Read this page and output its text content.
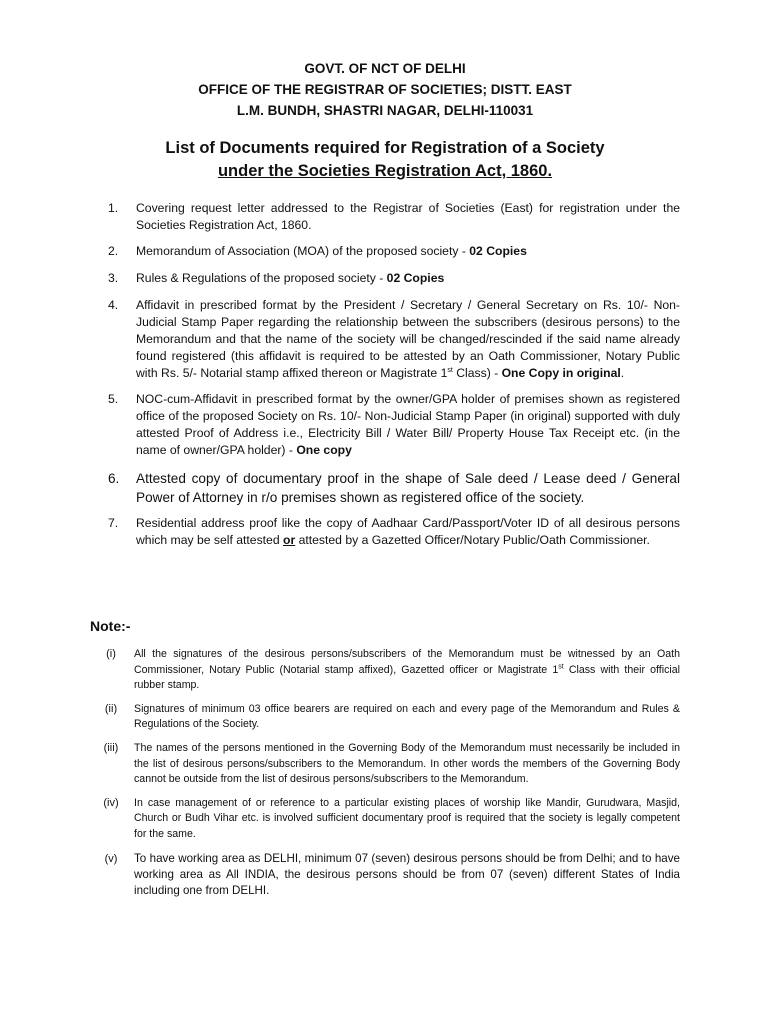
GOVT. OF NCT OF DELHI
OFFICE OF THE REGISTRAR OF SOCIETIES; DISTT. EAST
L.M. BUNDH, SHASTRI NAGAR, DELHI-110031
List of Documents required for Registration of a Society
under the Societies Registration Act, 1860.
1.	Covering request letter addressed to the Registrar of Societies (East) for registration under the Societies Registration Act, 1860.
2.	Memorandum of Association (MOA) of the proposed society - 02 Copies
3.	Rules & Regulations of the proposed society - 02 Copies
4.	Affidavit in prescribed format by the President / Secretary / General Secretary on Rs. 10/- Non-Judicial Stamp Paper regarding the relationship between the subscribers (desirous persons) to the Memorandum and that the name of the society will be changed/rescinded if the said name already found registered (this affidavit is required to be attested by an Oath Commissioner, Notary Public with Rs. 5/- Notarial stamp affixed thereon or Magistrate 1st Class) - One Copy in original.
5.	NOC-cum-Affidavit in prescribed format by the owner/GPA holder of premises shown as registered office of the proposed Society on Rs. 10/- Non-Judicial Stamp Paper (in original) supported with duly attested Proof of Address i.e., Electricity Bill / Water Bill/ Property House Tax Receipt etc. (in the name of owner/GPA holder) - One copy
6.	Attested copy of documentary proof in the shape of Sale deed / Lease deed / General Power of Attorney in r/o premises shown as registered office of the society.
7.	Residential address proof like the copy of Aadhaar Card/Passport/Voter ID of all desirous persons which may be self attested or attested by a Gazetted Officer/Notary Public/Oath Commissioner.
Note:-
(i)	All the signatures of the desirous persons/subscribers of the Memorandum must be witnessed by an Oath Commissioner, Notary Public (Notarial stamp affixed), Gazetted officer or Magistrate 1st Class with their official rubber stamp.
(ii)	Signatures of minimum 03 office bearers are required on each and every page of the Memorandum and Rules & Regulations of the Society.
(iii)	The names of the persons mentioned in the Governing Body of the Memorandum must necessarily be included in the list of desirous persons/subscribers to the Memorandum. In other words the members of the Governing Body cannot be outside from the list of desirous persons/subscribers to the Memorandum.
(iv)	In case management of or reference to a particular existing places of worship like Mandir, Gurudwara, Masjid, Church or Budh Vihar etc. is involved sufficient documentary proof is required that the society is legally competent for the same.
(v)	To have working area as DELHI, minimum 07 (seven) desirous persons should be from Delhi; and to have working area as All INDIA, the desirous persons should be from 07 (seven) different States of India including one from DELHI.
